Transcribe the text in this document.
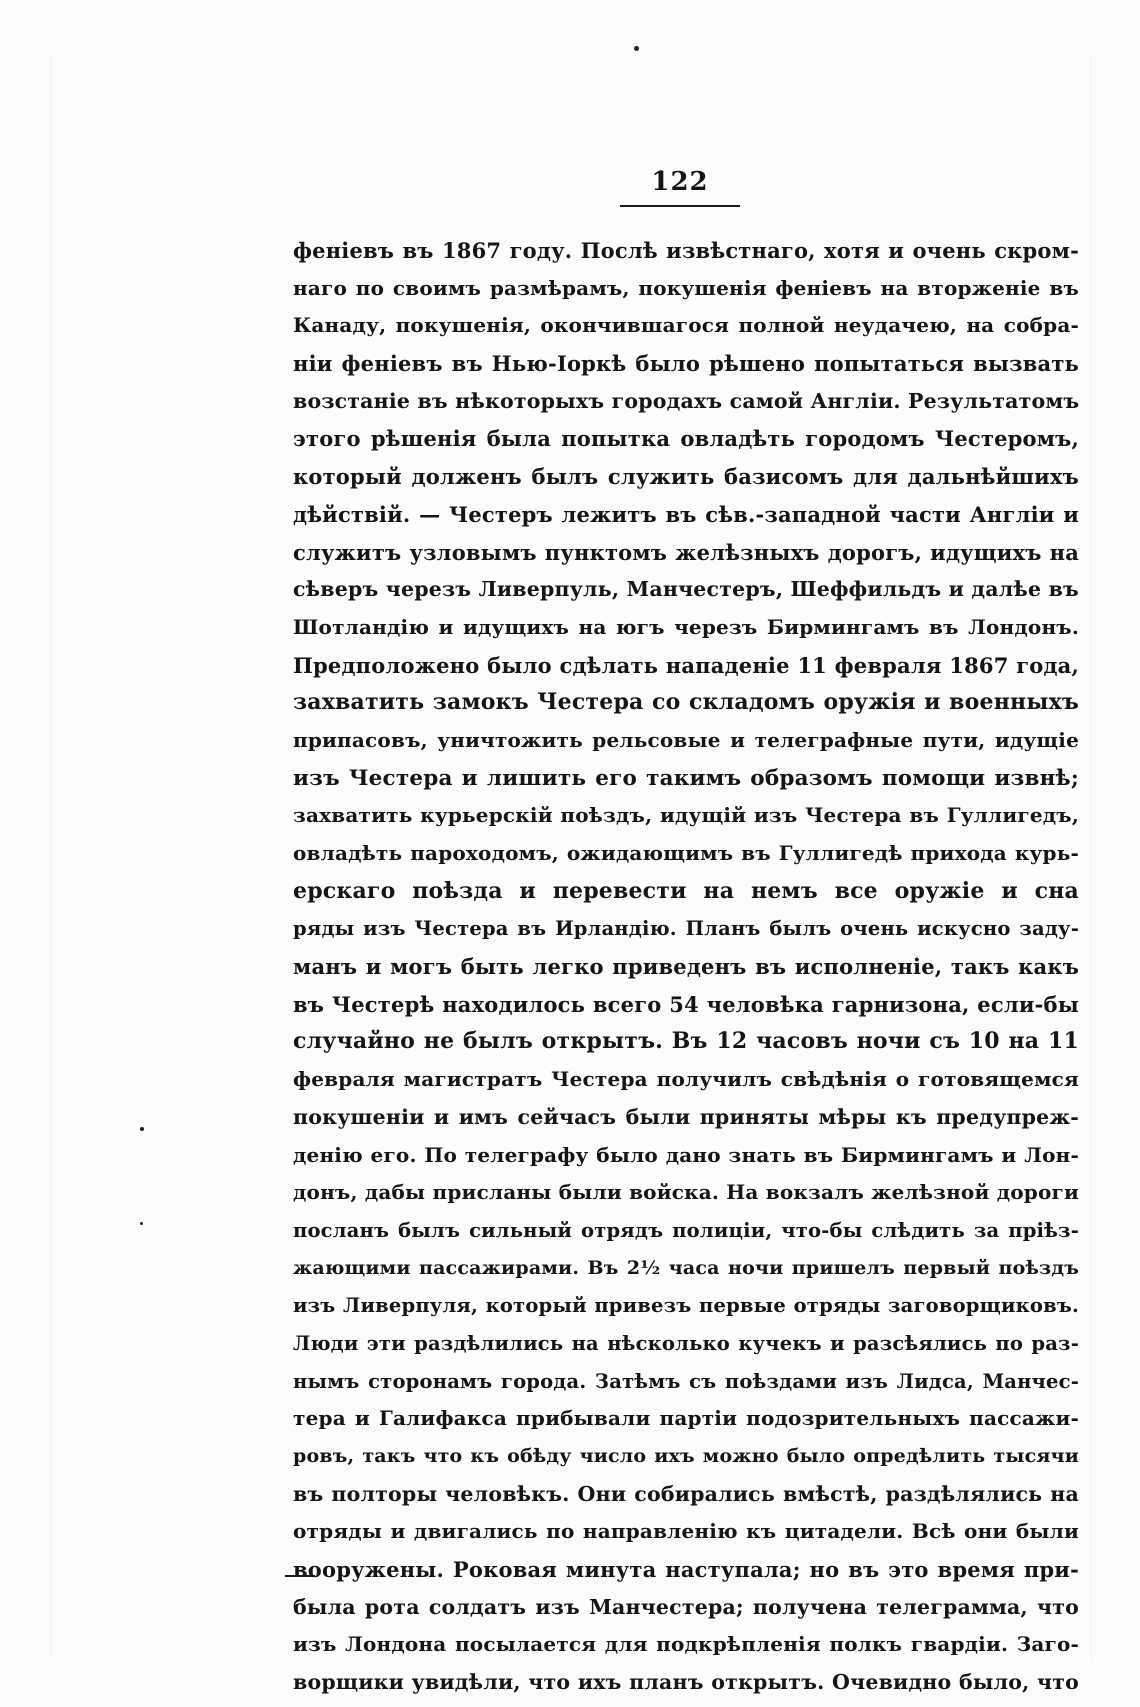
122
феніевъ въ 1867 году. Послѣ извѣстнаго, хотя и очень скром-
наго по своимъ размѣрамъ, покушенія феніевъ на вторженіе въ
Канаду, покушенія, окончившагося полной неудачею, на собра-
ніи феніевъ въ Нью-Іоркѣ было рѣшено попытаться вызвать
возстаніе въ нѣкоторыхъ городахъ самой Англіи. Результатомъ
этого рѣшенія была попытка овладѣть городомъ Честеромъ,
который долженъ былъ служить базисомъ для дальнѣйшихъ
дѣйствій. — Честеръ лежитъ въ сѣв.-западной части Англіи и
служитъ узловымъ пунктомъ желѣзныхъ дорогъ, идущихъ на
сѣверъ черезъ Ливерпуль, Манчестеръ, Шеффильдъ и далѣе въ
Шотландію и идущихъ на югъ черезъ Бирмингамъ въ Лондонъ.
Предположено было сдѣлать нападеніе 11 февраля 1867 года,
захватить замокъ Честера со складомъ оружія и военныхъ
припасовъ, уничтожить рельсовые и телеграфные пути, идущіе
изъ Честера и лишить его такимъ образомъ помощи извнѣ;
захватить курьерскій поѣздъ, идущій изъ Честера въ Гуллигедъ,
овладѣть пароходомъ, ожидающимъ въ Гуллигедѣ прихода курь-
ерскаго поѣзда и перевести на немъ все оружіе и сна
ряды изъ Честера въ Ирландію. Планъ былъ очень искусно заду-
манъ и могъ быть легко приведенъ въ исполненіе, такъ какъ
въ Честерѣ находилось всего 54 человѣка гарнизона, если-бы
случайно не былъ открытъ. Въ 12 часовъ ночи съ 10 на 11
февраля магистратъ Честера получилъ свѣдѣнія о готовящемся
покушеніи и имъ сейчасъ были приняты мѣры къ предупреж-
денію его. По телеграфу было дано знать въ Бирмингамъ и Лон-
донъ, дабы присланы были войска. На вокзалъ желѣзной дороги
посланъ былъ сильный отрядъ полиціи, что-бы слѣдить за пріѣз-
жающими пассажирами. Въ 2½ часа ночи пришелъ первый поѣздъ
изъ Ливерпуля, который привезъ первые отряды заговорщиковъ.
Люди эти раздѣлились на нѣсколько кучекъ и разсѣялись по раз-
нымъ сторонамъ города. Затѣмъ съ поѣздами изъ Лидса, Манчес-
тера и Галифакса прибывали партіи подозрительныхъ пассажи-
ровъ, такъ что къ обѣду число ихъ можно было опредѣлить тысячи
въ полторы человѣкъ. Они собирались вмѣстѣ, раздѣлялись на
отряды и двигались по направленію къ цитадели. Всѣ они были
вооружены. Роковая минута наступала; но въ это время при-
была рота солдатъ изъ Манчестера; получена телеграмма, что
изъ Лондона посылается для подкрѣпленія полкъ гвардіи. Заго-
ворщики увидѣли, что ихъ планъ открытъ. Очевидно было, что
